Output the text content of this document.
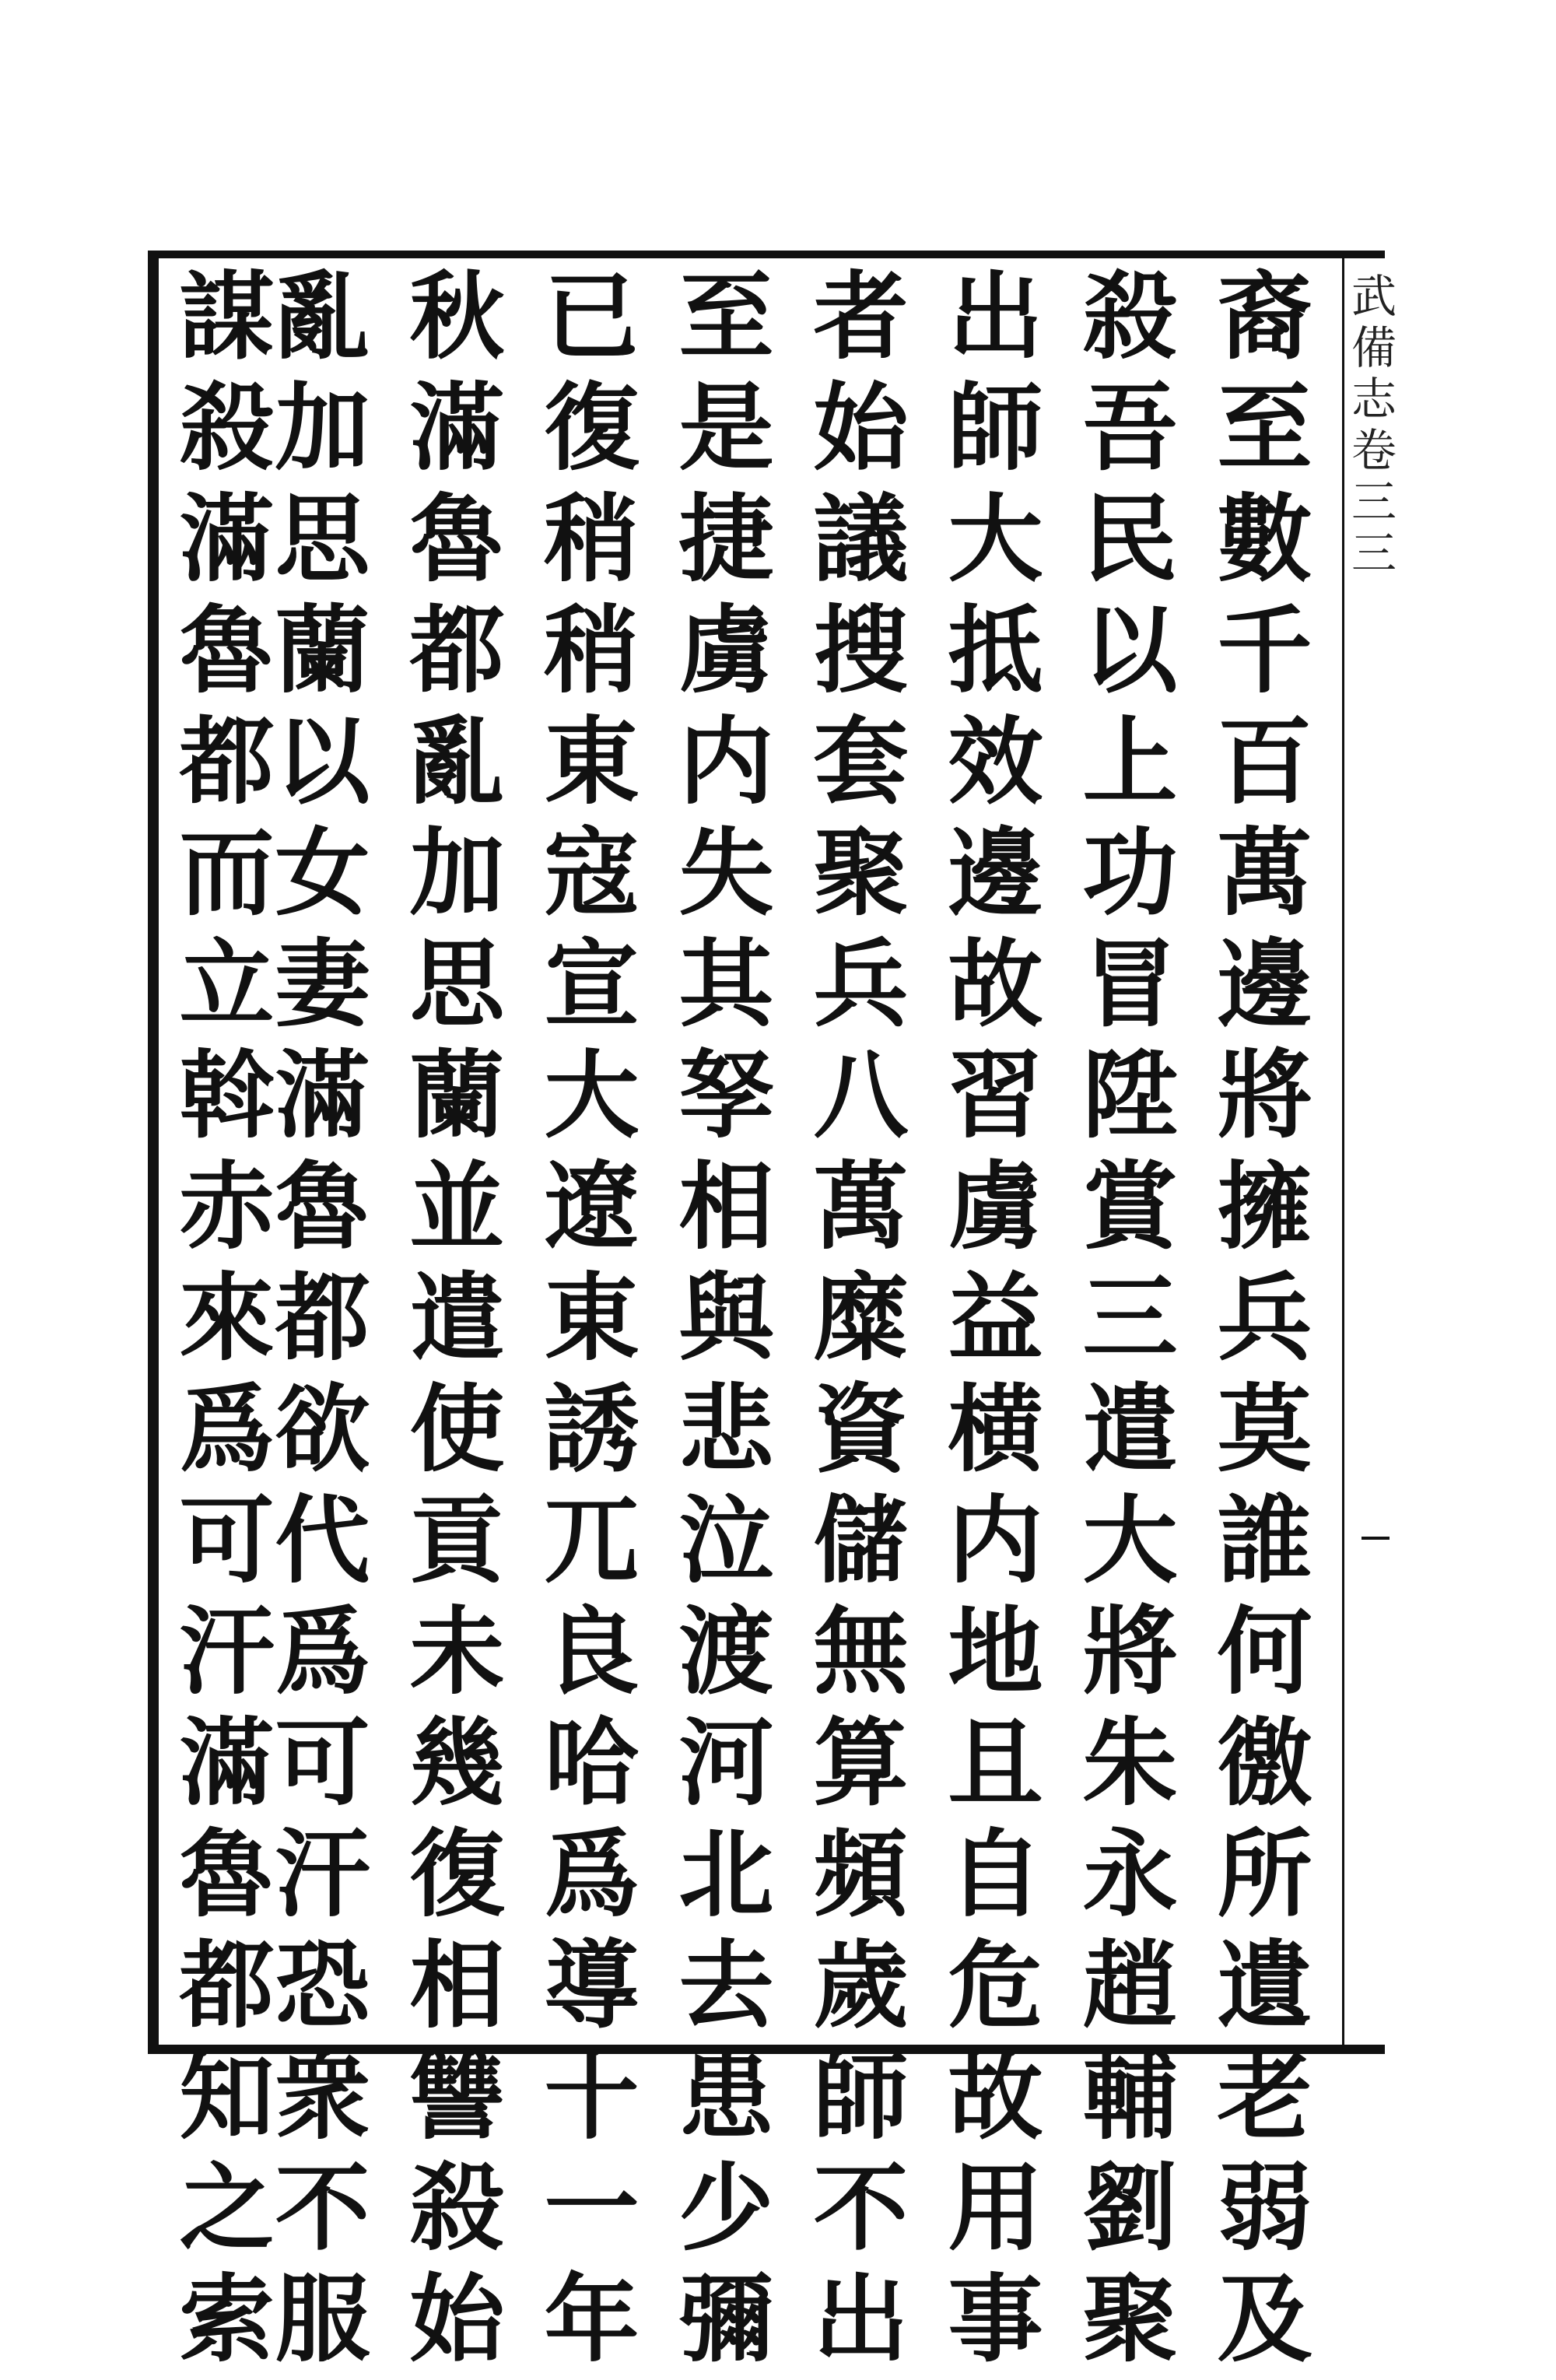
武備志卷三三
裔至數千百萬邊將擁兵莫誰何徼所遺老弱及
殺吾民以上功冒陞賞三遣大將朱永趙輔劉聚
出師大抵效邊故習虜益横内地且自危故用事
者始議搜套聚兵八萬糜資儲無算頻歲師不出
至是捷虜内失其孥相與悲泣渡河北去患少彌
已復稍稍東寇宣大遼東誘兀良哈爲導十一年
秋滿魯都亂加思蘭並遣使貢未幾復相讐殺始
亂加思蘭以女妻滿魯都欲代爲可汗恐衆不服
謀殺滿魯都而立斡赤來爲可汗滿魯都知之索
